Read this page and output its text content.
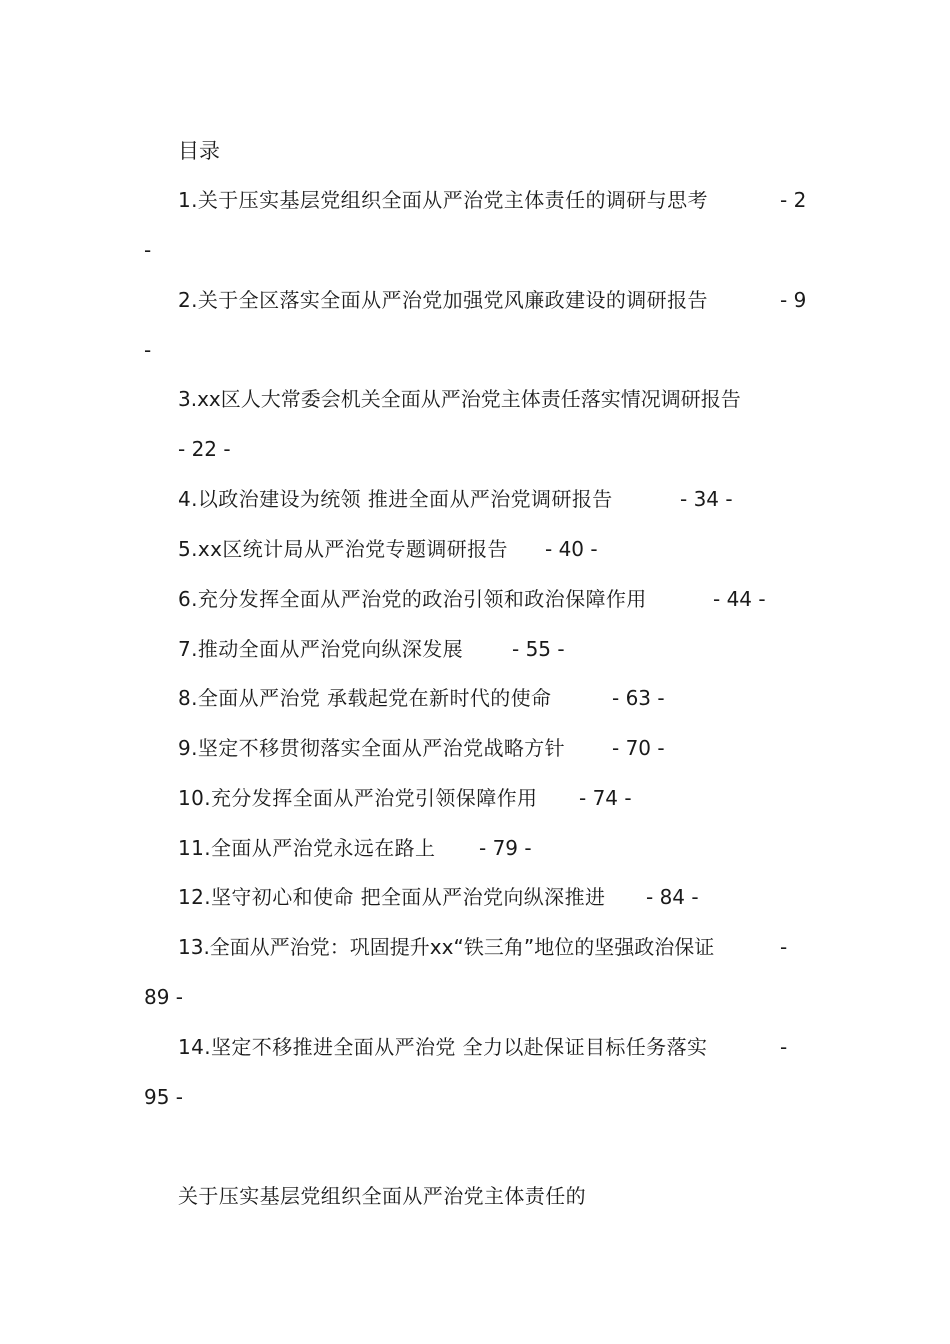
目录
1.关于压实基层党组织全面从严治党主体责任的调研与思考	- 2
-
2.关于全区落实全面从严治党加强党风廉政建设的调研报告	- 9
-
3.xx区人大常委会机关全面从严治党主体责任落实情况调研报告
- 22 -
4.以政治建设为统领 推进全面从严治党调研报告	- 34 -
5.xx区统计局从严治党专题调研报告 - 40 -
6.充分发挥全面从严治党的政治引领和政治保障作用	- 44 -
7.推动全面从严治党向纵深发展 - 55 -
8.全面从严治党 承载起党在新时代的使命	- 63 -
9.坚定不移贯彻落实全面从严治党战略方针 - 70 -
10.充分发挥全面从严治党引领保障作用 - 74 -
11.全面从严治党永远在路上 - 79 -
12.坚守初心和使命 把全面从严治党向纵深推进 - 84 -
13.全面从严治党：巩固提升xx“铁三角”地位的坚强政治保证	-
89 -
14.坚定不移推进全面从严治党 全力以赴保证目标任务落实	-
95 -
关于压实基层党组织全面从严治党主体责任的
